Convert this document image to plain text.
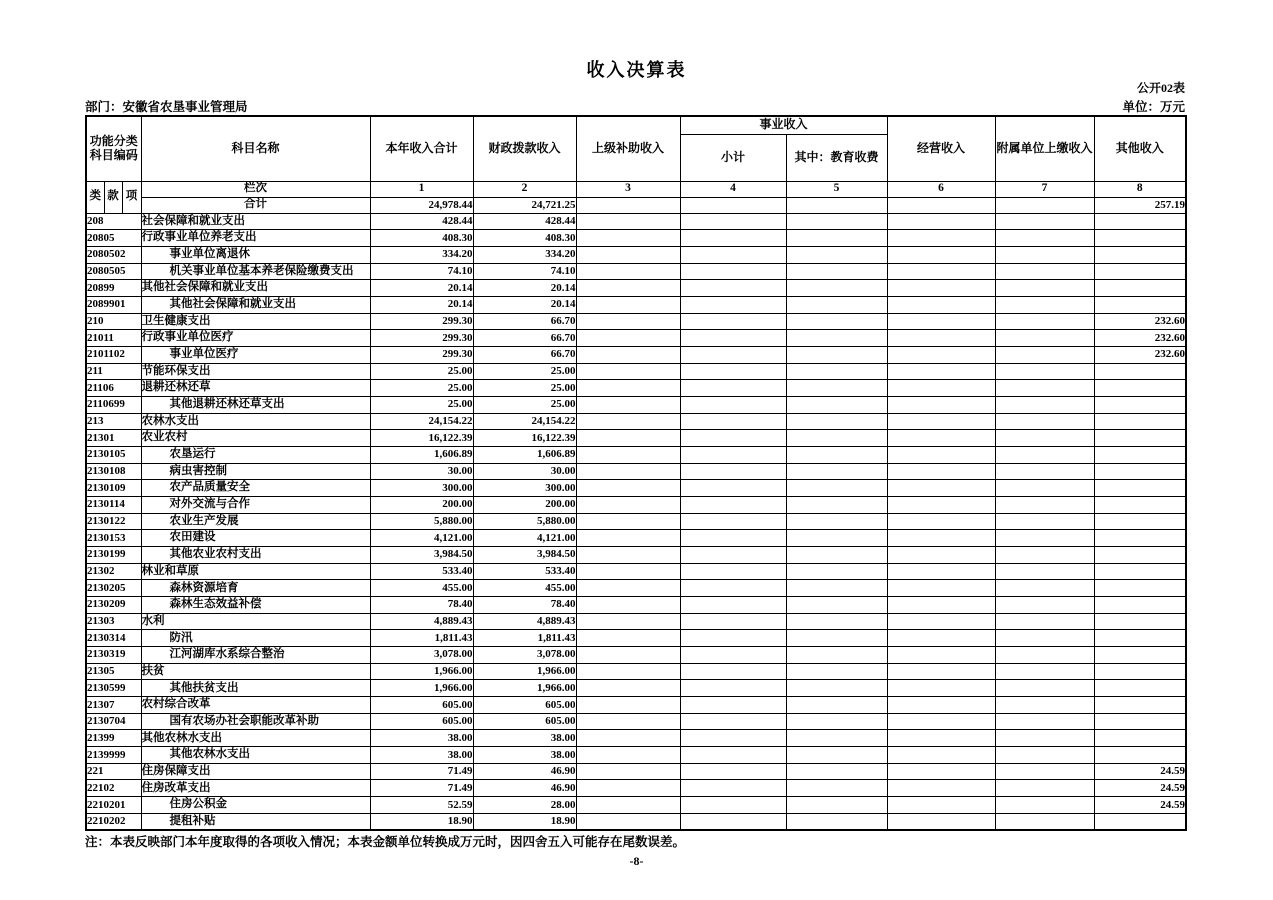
收入决算表
公开02表
部门：安徽省农垦事业管理局	单位：万元
功能分类
科目编码			科目名称	本年收入合计	财政拨款收入	上级补助收入	事业收入		经营收入	附属单位上缴收入	其他收入
							小计	其中：教育收费			
类	款	项	栏次	1	2	3	4	5	6	7	8
			合计	24,978.44	24,721.25						257.19
208			社会保障和就业支出	428.44	428.44						
20805			行政事业单位养老支出	408.30	408.30						
2080502			事业单位离退休	334.20	334.20						
2080505			机关事业单位基本养老保险缴费支出	74.10	74.10						
20899			其他社会保障和就业支出	20.14	20.14						
2089901			其他社会保障和就业支出	20.14	20.14						
210			卫生健康支出	299.30	66.70						232.60
21011			行政事业单位医疗	299.30	66.70						232.60
2101102			事业单位医疗	299.30	66.70						232.60
211			节能环保支出	25.00	25.00						
21106			退耕还林还草	25.00	25.00						
2110699			其他退耕还林还草支出	25.00	25.00						
213			农林水支出	24,154.22	24,154.22						
21301			农业农村	16,122.39	16,122.39						
2130105			农垦运行	1,606.89	1,606.89						
2130108			病虫害控制	30.00	30.00						
2130109			农产品质量安全	300.00	300.00						
2130114			对外交流与合作	200.00	200.00						
2130122			农业生产发展	5,880.00	5,880.00						
2130153			农田建设	4,121.00	4,121.00						
2130199			其他农业农村支出	3,984.50	3,984.50						
21302			林业和草原	533.40	533.40						
2130205			森林资源培育	455.00	455.00						
2130209			森林生态效益补偿	78.40	78.40						
21303			水利	4,889.43	4,889.43						
2130314			防汛	1,811.43	1,811.43						
2130319			江河湖库水系综合整治	3,078.00	3,078.00						
21305			扶贫	1,966.00	1,966.00						
2130599			其他扶贫支出	1,966.00	1,966.00						
21307			农村综合改革	605.00	605.00						
2130704			国有农场办社会职能改革补助	605.00	605.00						
21399			其他农林水支出	38.00	38.00						
2139999			其他农林水支出	38.00	38.00						
221			住房保障支出	71.49	46.90						24.59
22102			住房改革支出	71.49	46.90						24.59
2210201			住房公积金	52.59	28.00						24.59
2210202			提租补贴	18.90	18.90						
注：本表反映部门本年度取得的各项收入情况；本表金额单位转换成万元时，因四舍五入可能存在尾数误差。
-8-
